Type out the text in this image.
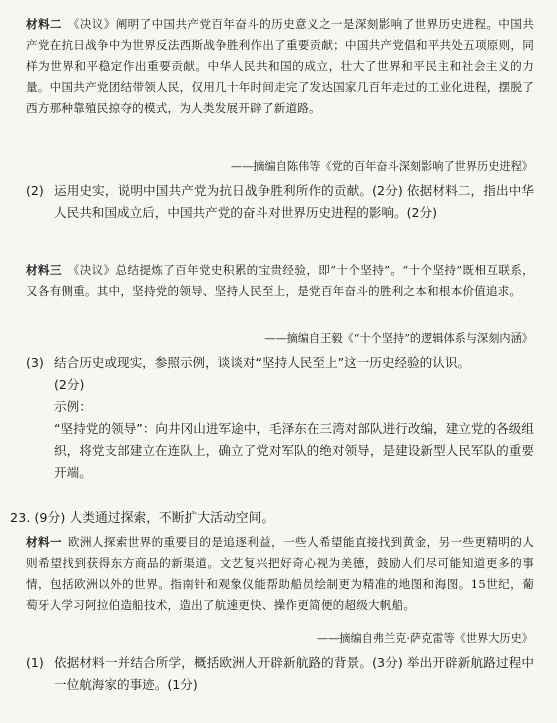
材料二 《决议》阐明了中国共产党百年奋斗的历史意义之一是深刻影响了世界历史进程。中国共产党在抗日战争中为世界反法西斯战争胜利作出了重要贡献；中国共产党倡和平共处五项原则，同样为世界和平稳定作出重要贡献。中华人民共和国的成立，壮大了世界和平民主和社会主义的力量。中国共产党团结带领人民，仅用几十年时间走完了发达国家几百年走过的工业化进程，摆脱了西方那种靠殖民掠夺的模式，为人类发展开辟了新道路。
——摘编自陈伟等《党的百年奋斗深刻影响了世界历史进程》
(2) 运用史实，说明中国共产党为抗日战争胜利所作的贡献。(2分) 依据材料二，指出中华人民共和国成立后，中国共产党的奋斗对世界历史进程的影响。(2分)
材料三 《决议》总结提炼了百年党史积累的宝贵经验，即“十个坚持”。“十个坚持”既相互联系，又各有侧重。其中，坚持党的领导、坚持人民至上，是党百年奋斗的胜利之本和根本价值追求。
——摘编自王毅《“十个坚持”的逻辑体系与深刻内涵》
(3) 结合历史或现实，参照示例，谈谈对“坚持人民至上”这一历史经验的认识。
(2分)
示例：
“坚持党的领导”：向井冈山进军途中，毛泽东在三湾对部队进行改编，建立党的各级组织，将党支部建立在连队上，确立了党对军队的绝对领导，是建设新型人民军队的重要开端。
23. (9分) 人类通过探索，不断扩大活动空间。
材料一 欧洲人探索世界的重要目的是追逐利益，一些人希望能直接找到黄金，另一些更精明的人则希望找到获得东方商品的新渠道。文艺复兴把好奇心视为美德，鼓励人们尽可能知道更多的事情，包括欧洲以外的世界。指南针和观象仪能帮助船员绘制更为精准的地图和海图。15世纪，葡萄牙人学习阿拉伯造船技术，造出了航速更快、操作更简便的超级大帆船。
——摘编自弗兰克·萨克雷等《世界大历史》
(1) 依据材料一并结合所学，概括欧洲人开辟新航路的背景。(3分) 举出开辟新航路过程中一位航海家的事迹。(1分)
